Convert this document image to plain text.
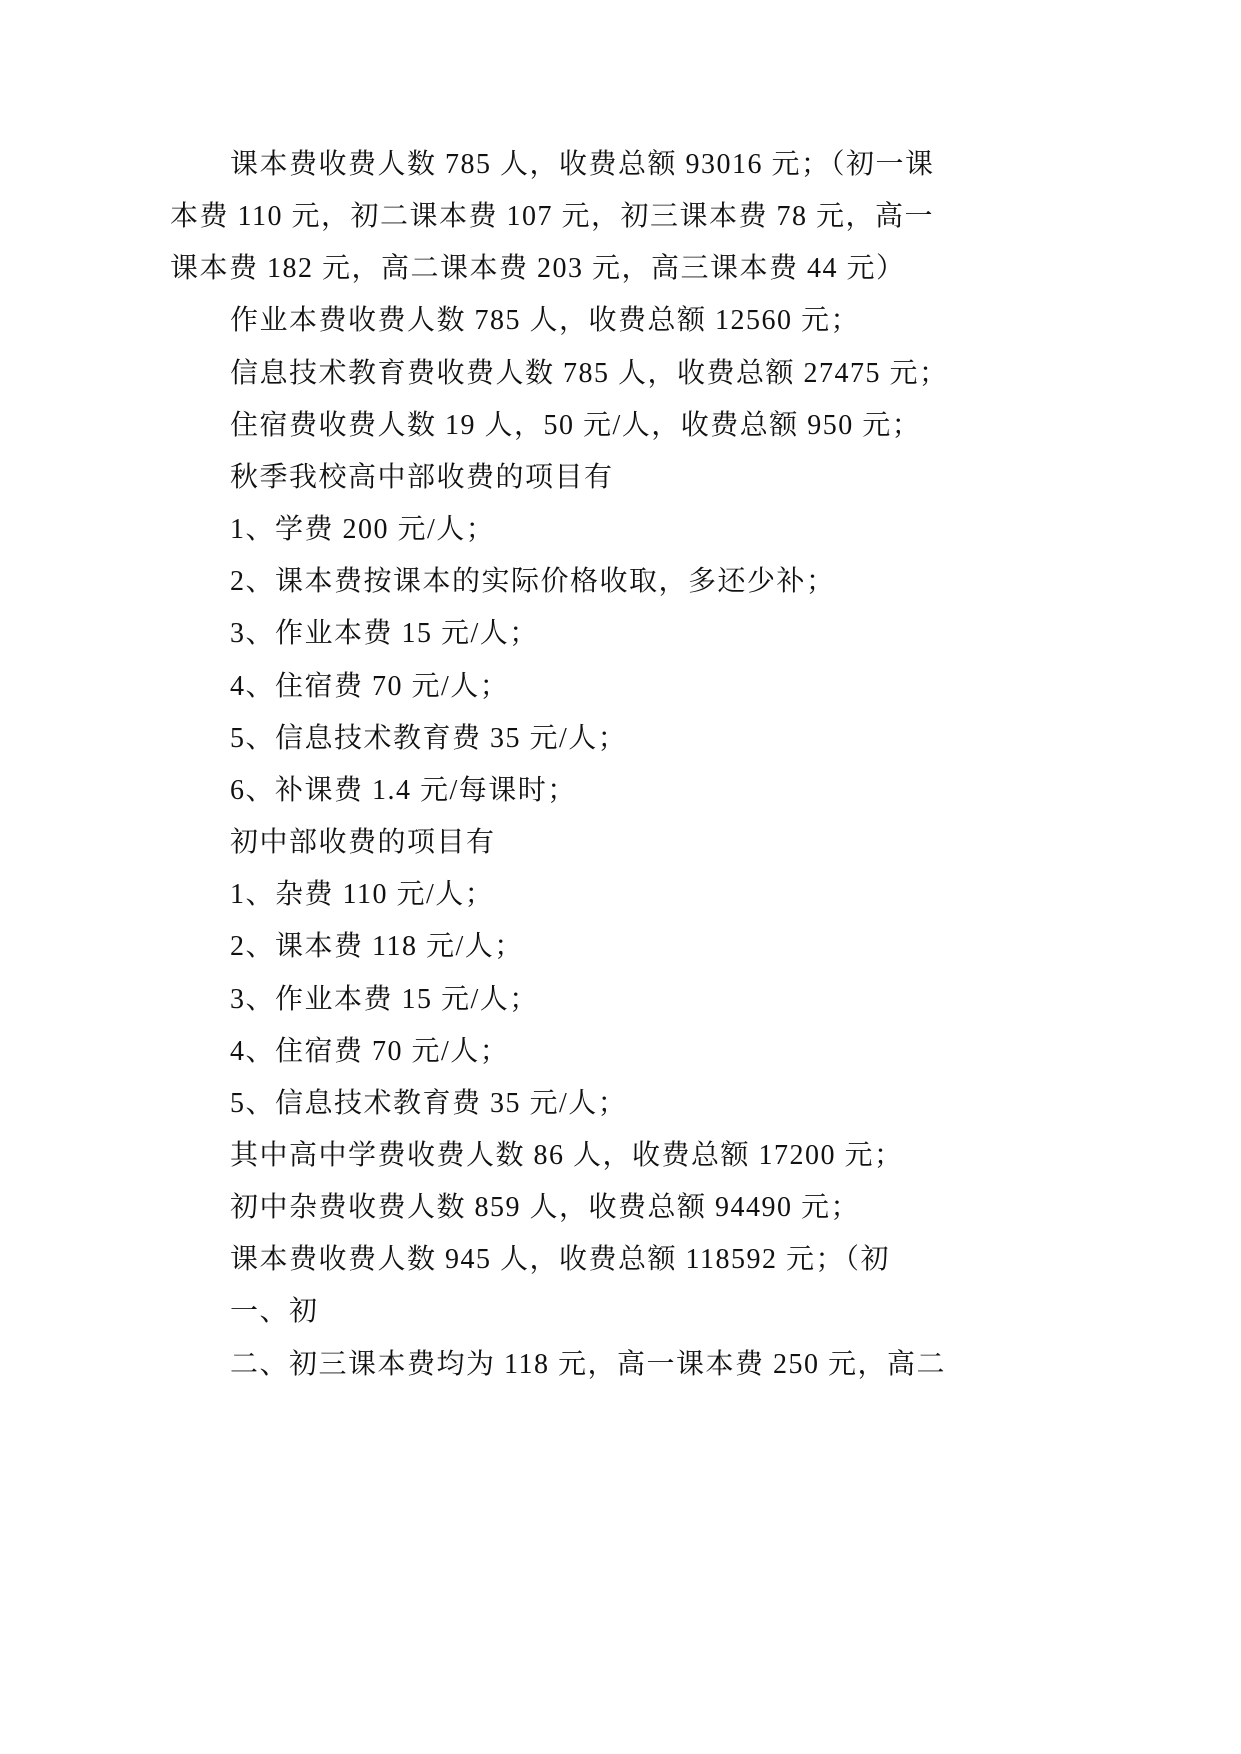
课本费收费人数 785 人，收费总额 93016 元；（初一课
本费 110 元，初二课本费 107 元，初三课本费 78 元，高一
课本费 182 元，高二课本费 203 元，高三课本费 44 元）
作业本费收费人数 785 人，收费总额 12560 元；
信息技术教育费收费人数 785 人，收费总额 27475 元；
住宿费收费人数 19 人，50 元/人，收费总额 950 元；
秋季我校高中部收费的项目有
1、学费 200 元/人；
2、课本费按课本的实际价格收取，多还少补；
3、作业本费 15 元/人；
4、住宿费 70 元/人；
5、信息技术教育费 35 元/人；
6、补课费 1.4 元/每课时；
初中部收费的项目有
1、杂费 110 元/人；
2、课本费 118 元/人；
3、作业本费 15 元/人；
4、住宿费 70 元/人；
5、信息技术教育费 35 元/人；
其中高中学费收费人数 86 人，收费总额 17200 元；
初中杂费收费人数 859 人，收费总额 94490 元；
课本费收费人数 945 人，收费总额 118592 元；（初
一、初
二、初三课本费均为 118 元，高一课本费 250 元，高二
